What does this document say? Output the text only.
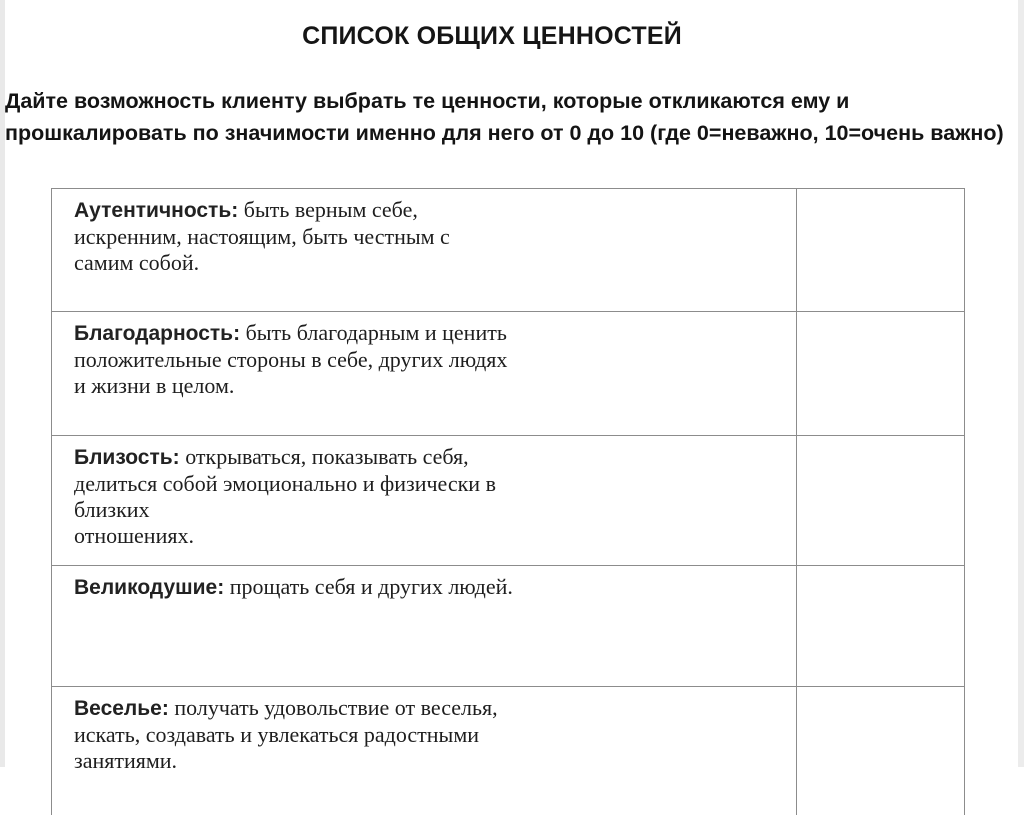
СПИСОК ОБЩИХ ЦЕННОСТЕЙ
Дайте возможность клиенту выбрать те ценности, которые откликаются ему и прошкалировать по значимости именно для него от 0 до 10 (где 0=неважно, 10=очень важно)
Аутентичность: быть верным себе,
искренним, настоящим, быть честным с
самим собой.	

Благодарность: быть благодарным и ценить
положительные стороны в себе, других людях
и жизни в целом.	

Близость: открываться, показывать себя,
делиться собой эмоционально и физически в
близких
отношениях.	

Великодушие: прощать себя и других людей.	
Веселье: получать удовольствие от веселья,
искать, создавать и увлекаться радостными
занятиями.	
